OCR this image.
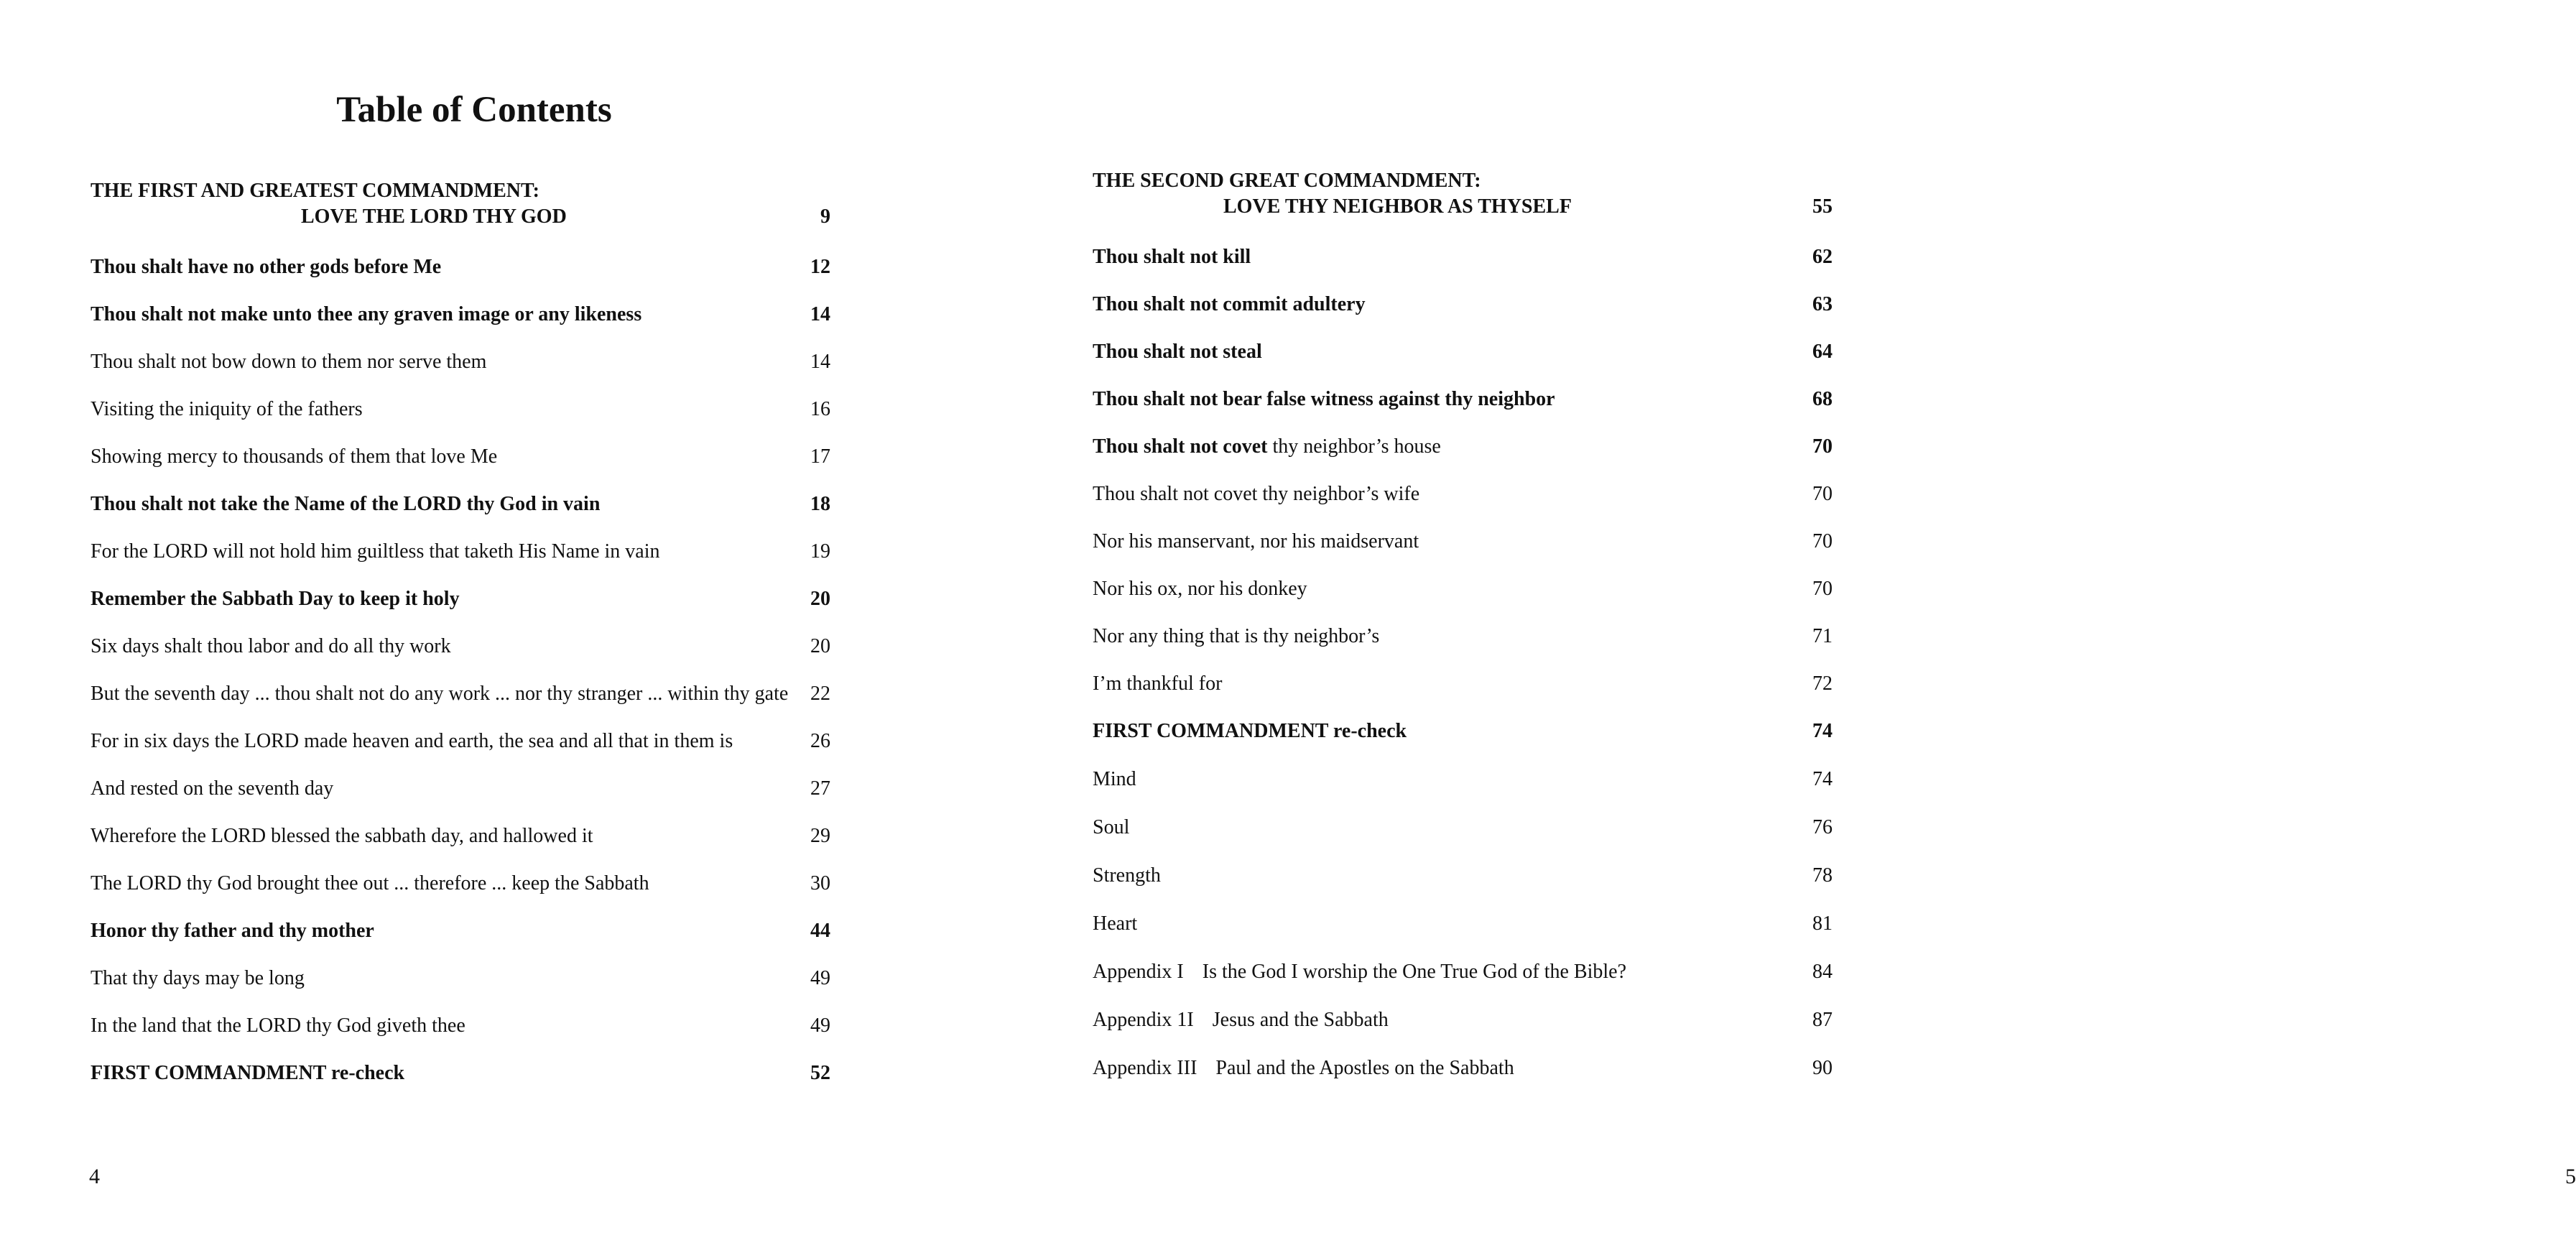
Table of Contents
THE FIRST AND GREATEST COMMANDMENT:
LOVE THE LORD THY GOD	9
Thou shalt have no other gods before Me	12
Thou shalt not make unto thee any graven image or any likeness	14
Thou shalt not bow down to them nor serve them	14
Visiting the iniquity of the fathers	16
Showing mercy to thousands of them that love Me	17
Thou shalt not take the Name of the LORD thy God in vain	18
For the LORD will not hold him guiltless that taketh His Name in vain	19
Remember the Sabbath Day to keep it holy	20
Six days shalt thou labor and do all thy work	20
But the seventh day ... thou shalt not do any work ... nor thy stranger ... within thy gate 22
For in six days the LORD made heaven and earth, the sea and all that in them is	26
And rested on the seventh day	27
Wherefore the LORD blessed the sabbath day, and hallowed it	29
The LORD thy God brought thee out ... therefore ... keep the Sabbath	30
Honor thy father and thy mother	44
That thy days may be long	49
In the land that the LORD thy God giveth thee	49
FIRST COMMANDMENT re-check	52
4
THE SECOND GREAT COMMANDMENT:
LOVE THY NEIGHBOR AS THYSELF	55
Thou shalt not kill	62
Thou shalt not commit adultery	63
Thou shalt not steal	64
Thou shalt not bear false witness against thy neighbor	68
Thou shalt not covet thy neighbor’s house	70
Thou shalt not covet thy neighbor’s wife	70
Nor his manservant, nor his maidservant	70
Nor his ox, nor his donkey	70
Nor any thing that is thy neighbor’s	71
I’m thankful for	72
FIRST COMMANDMENT re-check	74
Mind	74
Soul	76
Strength	78
Heart	81
Appendix I Is the God I worship the One True God of the Bible?	84
Appendix 1I Jesus and the Sabbath	87
Appendix III Paul and the Apostles on the Sabbath	90
5
